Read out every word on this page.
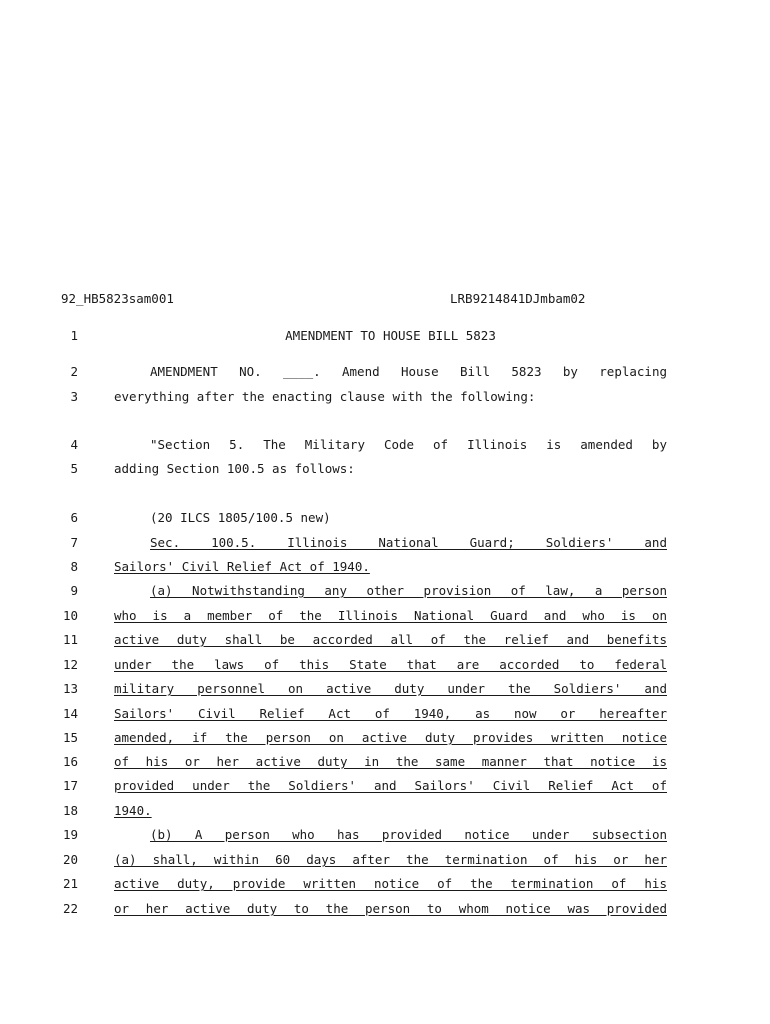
92_HB5823sam001	LRB9214841DJmbam02
1	AMENDMENT TO HOUSE BILL 5823
2	AMENDMENT NO. ____. Amend House Bill 5823 by replacing
3	everything after the enacting clause with the following:
4	"Section 5. The Military Code of Illinois is amended by
5	adding Section 100.5 as follows:
6	(20 ILCS 1805/100.5 new)
7	Sec. 100.5. Illinois National Guard; Soldiers' and
8	Sailors' Civil Relief Act of 1940.
9	(a) Notwithstanding any other provision of law, a person
10	who is a member of the Illinois National Guard and who is on
11	active duty shall be accorded all of the relief and benefits
12	under the laws of this State that are accorded to federal
13	military personnel on active duty under the Soldiers' and
14	Sailors' Civil Relief Act of 1940, as now or hereafter
15	amended, if the person on active duty provides written notice
16	of his or her active duty in the same manner that notice is
17	provided under the Soldiers' and Sailors' Civil Relief Act of
18	1940.
19	(b) A person who has provided notice under subsection
20	(a) shall, within 60 days after the termination of his or her
21	active duty, provide written notice of the termination of his
22	or her active duty to the person to whom notice was provided
